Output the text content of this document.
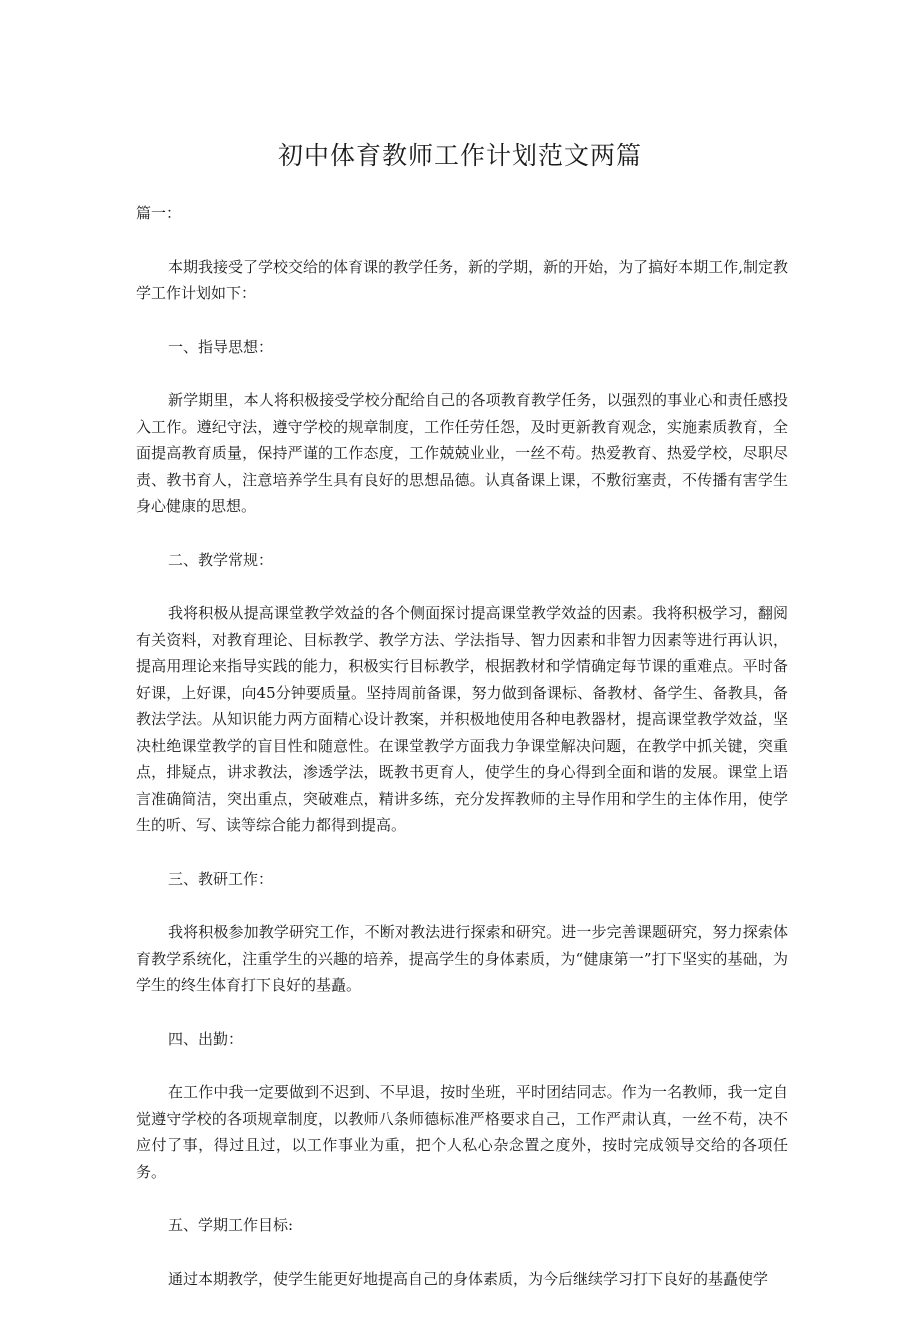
初中体育教师工作计划范文两篇

篇一：

本期我接受了学校交给的体育课的教学任务，新的学期，新的开始，为了搞好本期工作,制定教学工作计划如下：

一、指导思想：

新学期里，本人将积极接受学校分配给自己的各项教育教学任务，以强烈的事业心和责任感投入工作。遵纪守法，遵守学校的规章制度，工作任劳任怨，及时更新教育观念，实施素质教育，全面提高教育质量，保持严谨的工作态度，工作兢兢业业，一丝不苟。热爱教育、热爱学校，尽职尽责、教书育人，注意培养学生具有良好的思想品德。认真备课上课，不敷衍塞责，不传播有害学生身心健康的思想。

二、教学常规：

我将积极从提高课堂教学效益的各个侧面探讨提高课堂教学效益的因素。我将积极学习，翻阅有关资料，对教育理论、目标教学、教学方法、学法指导、智力因素和非智力因素等进行再认识，提高用理论来指导实践的能力，积极实行目标教学，根据教材和学情确定每节课的重难点。平时备好课，上好课，向45分钟要质量。坚持周前备课，努力做到备课标、备教材、备学生、备教具，备教法学法。从知识能力两方面精心设计教案，并积极地使用各种电教器材，提高课堂教学效益，坚决杜绝课堂教学的盲目性和随意性。在课堂教学方面我力争课堂解决问题，在教学中抓关键，突重点，排疑点，讲求教法，渗透学法，既教书更育人，使学生的身心得到全面和谐的发展。课堂上语言准确简洁，突出重点，突破难点，精讲多练，充分发挥教师的主导作用和学生的主体作用，使学生的听、写、读等综合能力都得到提高。

三、教研工作：

我将积极参加教学研究工作，不断对教法进行探索和研究。进一步完善课题研究，努力探索体育教学系统化，注重学生的兴趣的培养，提高学生的身体素质，为“健康第一”打下坚实的基础，为学生的终生体育打下良好的基矗。

四、出勤：

在工作中我一定要做到不迟到、不早退，按时坐班，平时团结同志。作为一名教师，我一定自觉遵守学校的各项规章制度，以教师八条师德标准严格要求自己，工作严肃认真，一丝不苟，决不应付了事，得过且过，以工作事业为重，把个人私心杂念置之度外，按时完成领导交给的各项任务。

五、学期工作目标:

通过本期教学，使学生能更好地提高自己的身体素质，为今后继续学习打下良好的基矗使学
